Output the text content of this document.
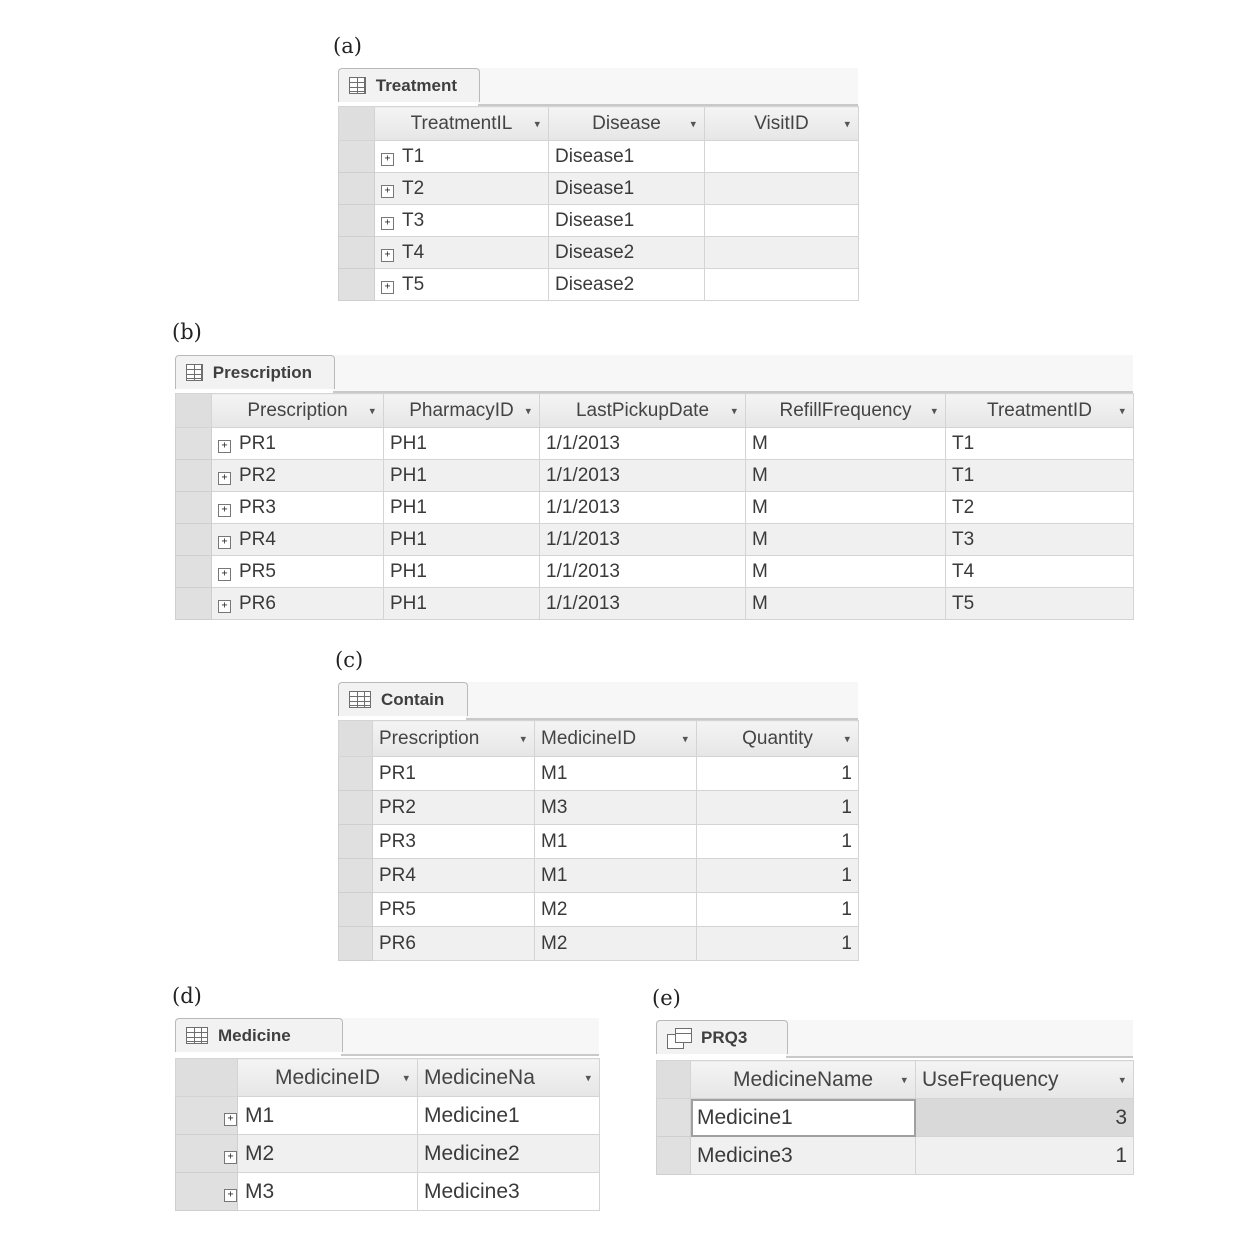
(a)
Treatment
	TreatmentIL ▾	Disease ▾	VisitID ▾

	+ T1	Disease1	
	+ T2	Disease1	
	+ T3	Disease1	
	+ T4	Disease2	
	+ T5	Disease2	
(b)
Prescription
	Prescription ▾	PharmacyID ▾	LastPickupDate ▾	RefillFrequency ▾	TreatmentID ▾

	+ PR1	PH1	1/1/2013	M	T1
	+ PR2	PH1	1/1/2013	M	T1
	+ PR3	PH1	1/1/2013	M	T2
	+ PR4	PH1	1/1/2013	M	T3
	+ PR5	PH1	1/1/2013	M	T4
	+ PR6	PH1	1/1/2013	M	T5
(c)
Contain
	Prescription ▾	MedicineID ▾	Quantity ▾

	PR1	M1	1
	PR2	M3	1
	PR3	M1	1
	PR4	M1	1
	PR5	M2	1
	PR6	M2	1
(d)
Medicine
	MedicineID ▾	MedicineNa ▾

	+ M1	Medicine1
	+ M2	Medicine2
	+ M3	Medicine3
(e)
PRQ3
	MedicineName ▾	UseFrequency ▾

	Medicine1	3
	Medicine3	1
